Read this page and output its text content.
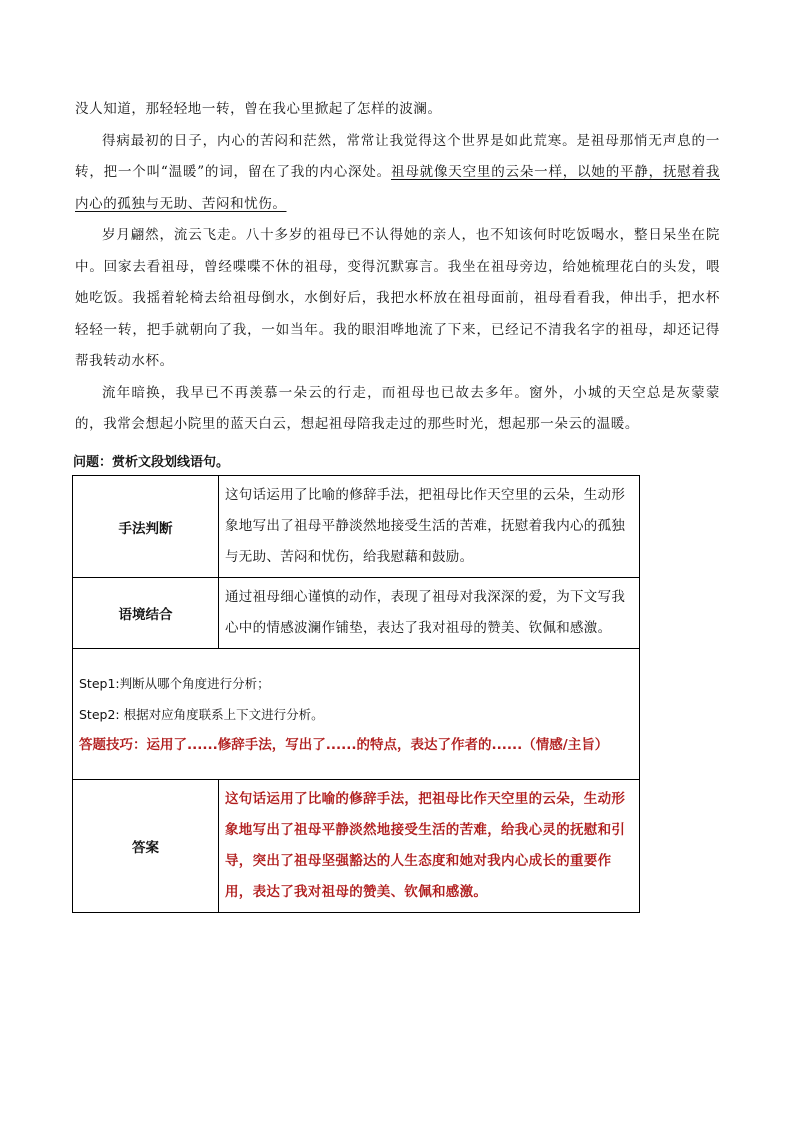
没人知道，那轻轻地一转，曾在我心里掀起了怎样的波澜。

得病最初的日子，内心的苦闷和茫然，常常让我觉得这个世界是如此荒寒。是祖母那悄无声息的一转，把一个叫“温暖”的词，留在了我的内心深处。祖母就像天空里的云朵一样，以她的平静，抚慰着我内心的孤独与无助、苦闷和忧伤。

岁月翩然，流云飞走。八十多岁的祖母已不认得她的亲人，也不知该何时吃饭喝水，整日呆坐在院中。回家去看祖母，曾经喋喋不休的祖母，变得沉默寡言。我坐在祖母旁边，给她梳理花白的头发，喂她吃饭。我摇着轮椅去给祖母倒水，水倒好后，我把水杯放在祖母面前，祖母看看我，伸出手，把水杯轻轻一转，把手就朝向了我，一如当年。我的眼泪哗地流了下来，已经记不清我名字的祖母，却还记得帮我转动水杯。

流年暗换，我早已不再羡慕一朵云的行走，而祖母也已故去多年。窗外，小城的天空总是灰蒙蒙的，我常会想起小院里的蓝天白云，想起祖母陪我走过的那些时光，想起那一朵云的温暖。

问题：赏析文段划线语句。
手法判断	这句话运用了比喻的修辞手法，把祖母比作天空里的云朵，生动形象地写出了祖母平静淡然地接受生活的苦难，抚慰着我内心的孤独与无助、苦闷和忧伤，给我慰藉和鼓励。
语境结合	通过祖母细心谨慎的动作，表现了祖母对我深深的爱，为下文写我心中的情感波澜作铺垫，表达了我对祖母的赞美、钦佩和感激。

Step1:判断从哪个角度进行分析；
Step2: 根据对应角度联系上下文进行分析。
答题技巧：运用了......修辞手法，写出了......的特点，表达了作者的......（情感/主旨）	

答案	这句话运用了比喻的修辞手法，把祖母比作天空里的云朵，生动形象地写出了祖母平静淡然地接受生活的苦难，给我心灵的抚慰和引导，突出了祖母坚强豁达的人生态度和她对我内心成长的重要作用，表达了我对祖母的赞美、钦佩和感激。
